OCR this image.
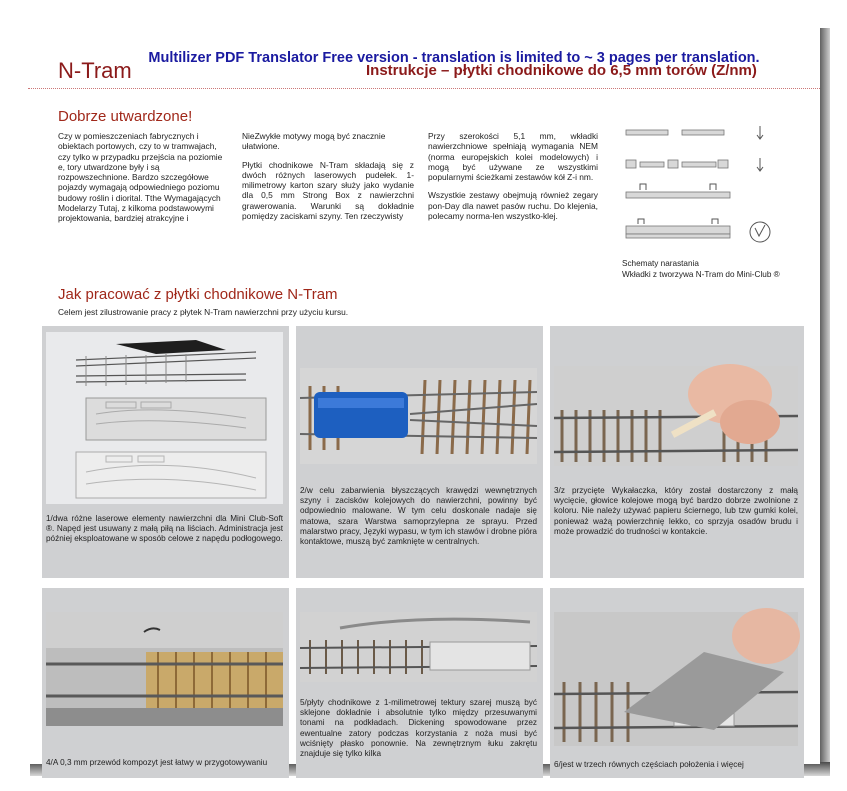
N-Tram	Instrukcje – płytki chodnikowe do 6,5 mm torów (Z/nm)
Multilizer PDF Translator Free version - translation is limited to ~ 3 pages per translation.
Dobrze utwardzone!

Czy w pomieszczeniach fabrycznych i obiektach portowych, czy to w tramwajach, czy tylko w przypadku przejścia na poziomie e, tory utwardzone były i są rozpowszechnione. Bardzo szczegółowe pojazdy wymagają odpowiedniego poziomu budowy roślin i diorital. Tthe Wymagających Modelarzy Tutaj, z kilkoma podstawowymi projektowania, bardziej atrakcyjne i

NieZwykłe motywy mogą być znacznie ułatwione.

Płytki chodnikowe N-Tram składają się z dwóch różnych laserowych pudełek. 1-milimetrowy karton szary służy jako wydanie dla 0,5 mm Strong Box z nawierzchni grawerowania. Warunki są dokładnie pomiędzy zaciskami szyny. Ten rzeczywisty

Przy szerokości 5,1 mm, wkładki nawierzchniowe spełniają wymagania NEM (norma europejskich kolei modelowych) i mogą być używane ze wszystkimi popularnymi ścieżkami zestawów kół Z-i nm.

Wszystkie zestawy obejmują również zegary pon-Day dla nawet pasów ruchu. Do klejenia, polecamy norma-len wszystko-klej.

Schematy narastania
Wkładki z tworzywa N-Tram do Mini-Club ®
Jak pracować z płytki chodnikowe N-Tram
Celem jest zilustrowanie pracy z płytek N-Tram nawierzchni przy użyciu kursu.
1/dwa różne laserowe elementy nawierzchni dla Mini Club-Soft ®. Napęd jest usuwany z małą piłą na liściach. Administracja jest później eksploatowane w sposób celowe z napędu podłogowego.
2/w celu zabarwienia błyszczących krawędzi wewnętrznych szyny i zacisków kolejowych do nawierzchni, powinny być odpowiednio malowane. W tym celu doskonale nadaje się matowa, szara Warstwa samoprzylepna ze sprayu. Przed malarstwo pracy, Języki wypasu, w tym ich stawów i drobne pióra kontaktowe, muszą być zamknięte w centralnych.
3/z przycięte Wykałaczka, który został dostarczony z małą wycięcie, głowice kolejowe mogą być bardzo dobrze zwolnione z koloru. Nie należy używać papieru ściernego, lub tzw gumki kolei, ponieważ ważą powierzchnię lekko, co sprzyja osadów brudu i może prowadzić do trudności w kontakcie.
4/A 0,3 mm przewód kompozyt jest łatwy w przygotowywaniu
5/płyty chodnikowe z 1-milimetrowej tektury szarej muszą być sklejone dokładnie i absolutnie tylko między przesuwanymi tonami na podkładach. Dickening spowodowane przez ewentualne zatory podczas korzystania z noża musi być wciśnięty płasko ponownie. Na zewnętrznym łuku zakrętu znajduje się tylko kilka
6/jest w trzech równych częściach położenia i więcej
